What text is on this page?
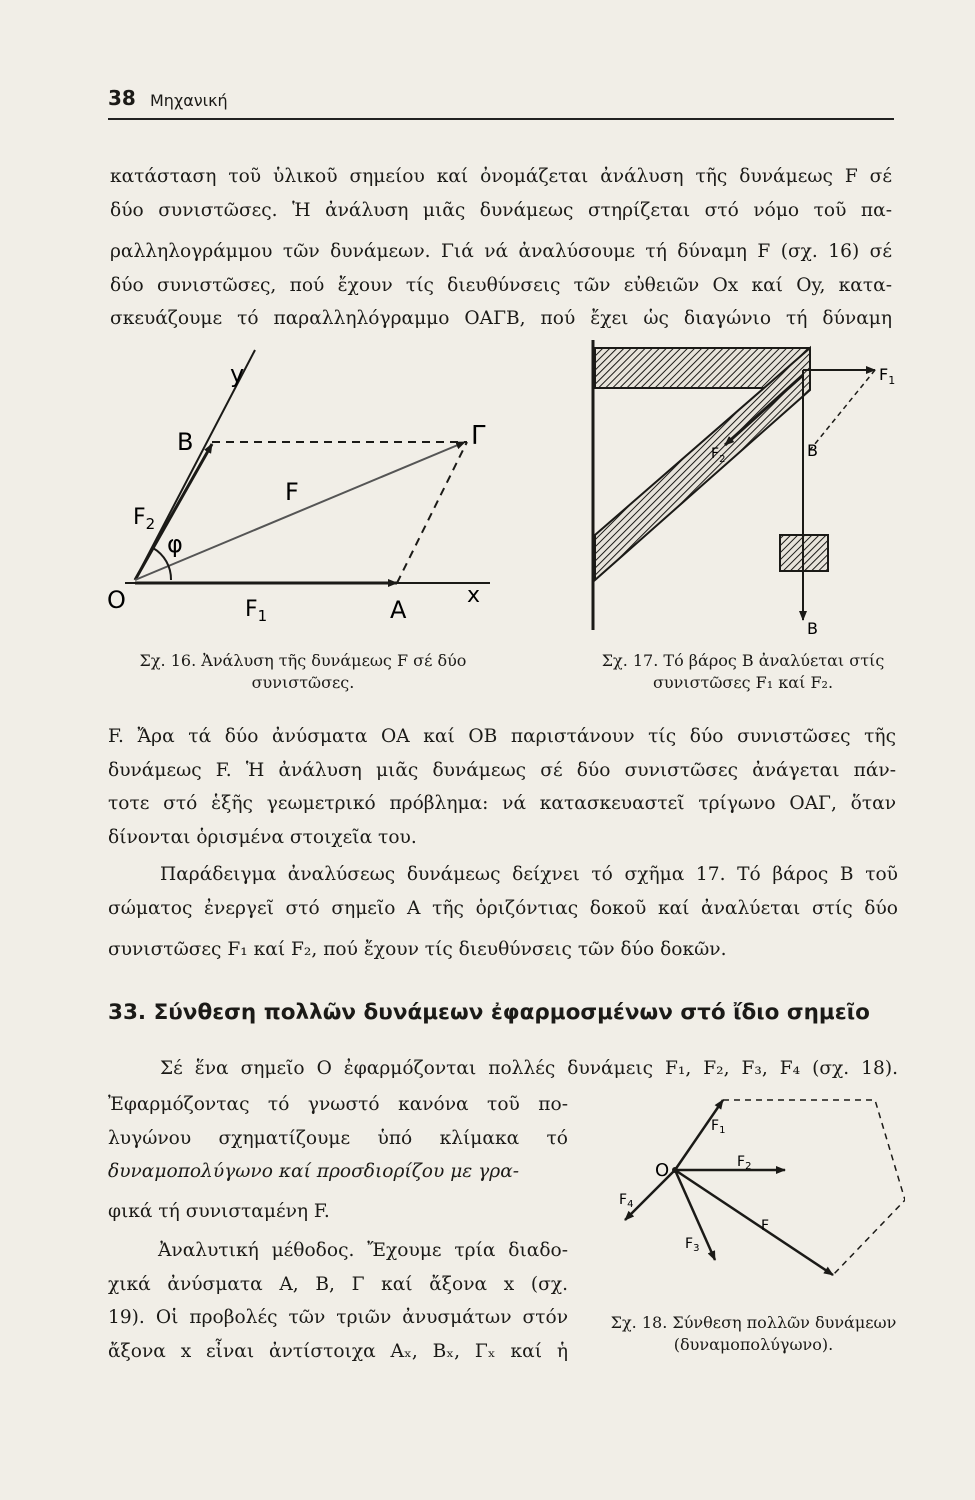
38 Μηχανική
κατάσταση τοῦ ὑλικοῦ σημείου καί ὀνομάζεται ἀνάλυση τῆς δυνάμεως F σέ
δύο συνιστῶσες. Ἡ ἀνάλυση μιᾶς δυνάμεως στηρίζεται στό νόμο τοῦ πα-
ραλληλογράμμου τῶν δυνάμεων. Γιά νά ἀναλύσουμε τή δύναμη F (σχ. 16) σέ
δύο συνιστῶσες, πού ἔχουν τίς διευθύνσεις τῶν εὐθειῶν Ox καί Oy, κατα-
σκευάζουμε τό παραλληλόγραμμο ΟΑΓΒ, πού ἔχει ὡς διαγώνιο τή δύναμη
y
B	Γ
F
$F_2$
φ
O	$F_1$	A
x
Σχ. 16. Ἀνάλυση τῆς δυνάμεως F σέ δύο
συνιστῶσες.
$F_1$
B
$F_2$
B
Σχ. 17. Τό βάρος B ἀναλύεται στίς
συνιστῶσες F₁ καί F₂.
F. Ἄρα τά δύο ἀνύσματα ΟΑ καί ΟΒ παριστάνουν τίς δύο συνιστῶσες τῆς
δυνάμεως F. Ἡ ἀνάλυση μιᾶς δυνάμεως σέ δύο συνιστῶσες ἀνάγεται πάν-
τοτε στό ἑξῆς γεωμετρικό πρόβλημα: νά κατασκευαστεῖ τρίγωνο ΟΑΓ, ὅταν
δίνονται ὁρισμένα στοιχεῖα του.
Παράδειγμα ἀναλύσεως δυνάμεως δείχνει τό σχῆμα 17. Τό βάρος B τοῦ
σώματος ἐνεργεῖ στό σημεῖο Α τῆς ὁριζόντιας δοκοῦ καί ἀναλύεται στίς δύο
συνιστῶσες F₁ καί F₂, πού ἔχουν τίς διευθύνσεις τῶν δύο δοκῶν.
33. Σύνθεση πολλῶν δυνάμεων ἐφαρμοσμένων στό ἴδιο σημεῖο
Σέ ἕνα σημεῖο Ο ἐφαρμόζονται πολλές δυνάμεις F₁, F₂, F₃, F₄ (σχ. 18).
Ἐφαρμόζοντας τό γνωστό κανόνα τοῦ πο-
λυγώνου σχηματίζουμε ὑπό κλίμακα τό
δυναμοπολύγωνο καί προσδιορίζου με γρα-
φικά τή συνισταμένη F.
Ἀναλυτική μέθοδος. Ἔχουμε τρία διαδο-
χικά ἀνύσματα Α, Β, Γ καί ἄξονα x (σχ.
19). Οἱ προβολές τῶν τριῶν ἀνυσμάτων στόν
ἄξονα x εἶναι ἀντίστοιχα Aₓ, Bₓ, Γₓ καί ἡ
O
$F_1$
$F_2$
$F_3$
$F_4$
F
Σχ. 18. Σύνθεση πολλῶν δυνάμεων
(δυναμοπολύγωνο).
